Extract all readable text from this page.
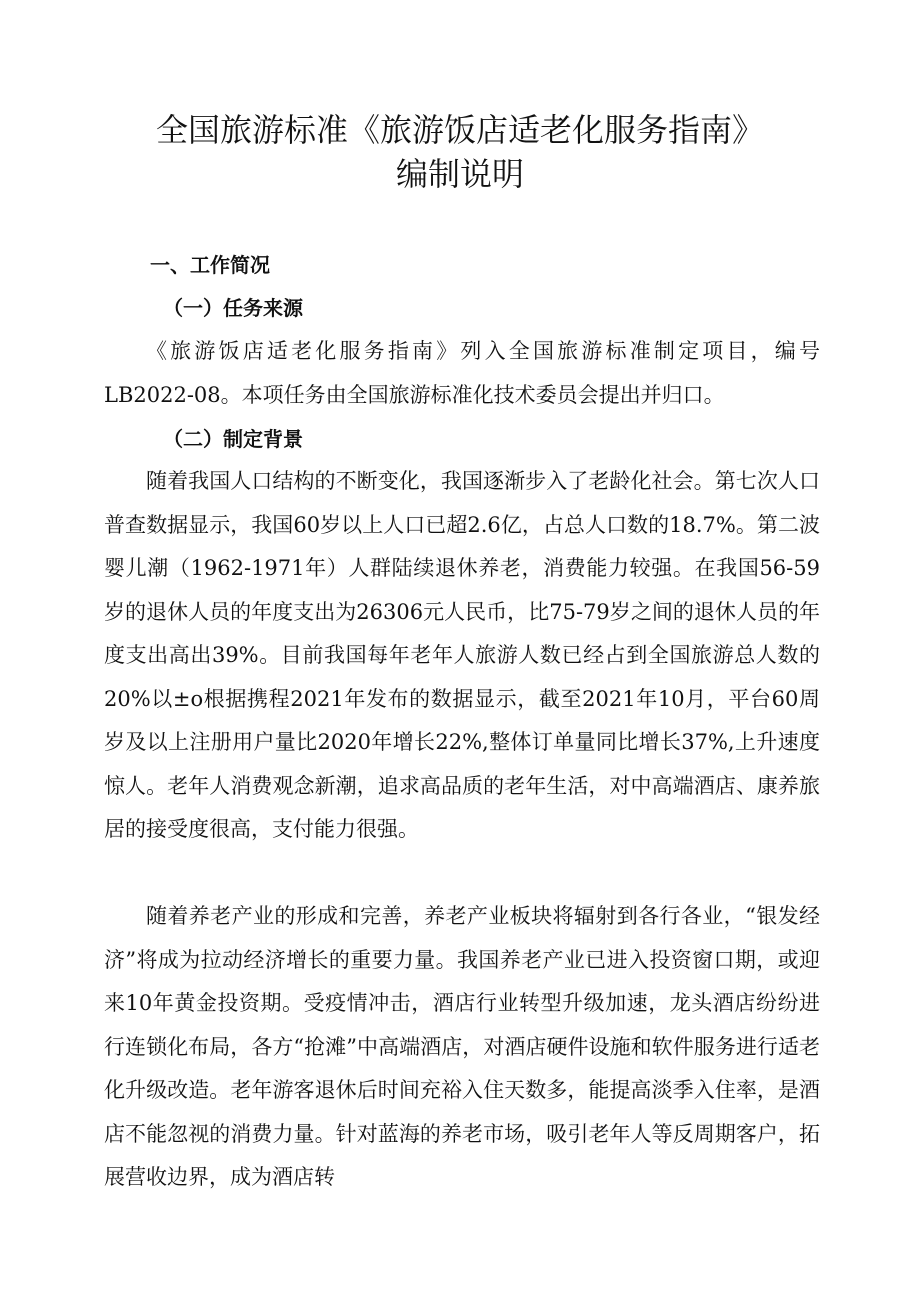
全国旅游标准《旅游饭店适老化服务指南》
编制说明
一、工作简况
（一）任务来源
《旅游饭店适老化服务指南》列入全国旅游标准制定项目，编号LB2022-08。本项任务由全国旅游标准化技术委员会提出并归口。
（二）制定背景
随着我国人口结构的不断变化，我国逐渐步入了老龄化社会。第七次人口普查数据显示，我国60岁以上人口已超2.6亿，占总人口数的18.7%。第二波婴儿潮（1962-1971年）人群陆续退休养老，消费能力较强。在我国56-59岁的退休人员的年度支出为26306元人民币，比75-79岁之间的退休人员的年度支出高出39%。目前我国每年老年人旅游人数已经占到全国旅游总人数的20%以±o根据携程2021年发布的数据显示，截至2021年10月，平台60周岁及以上注册用户量比2020年增长22%,整体订单量同比增长37%,上升速度惊人。老年人消费观念新潮，追求高品质的老年生活，对中高端酒店、康养旅居的接受度很高，支付能力很强。
随着养老产业的形成和完善，养老产业板块将辐射到各行各业，“银发经济”将成为拉动经济增长的重要力量。我国养老产业已进入投资窗口期，或迎来10年黄金投资期。受疫情冲击，酒店行业转型升级加速，龙头酒店纷纷进行连锁化布局，各方“抢滩”中高端酒店，对酒店硬件设施和软件服务进行适老化升级改造。老年游客退休后时间充裕入住天数多，能提高淡季入住率，是酒店不能忽视的消费力量。针对蓝海的养老市场，吸引老年人等反周期客户，拓展营收边界，成为酒店转
